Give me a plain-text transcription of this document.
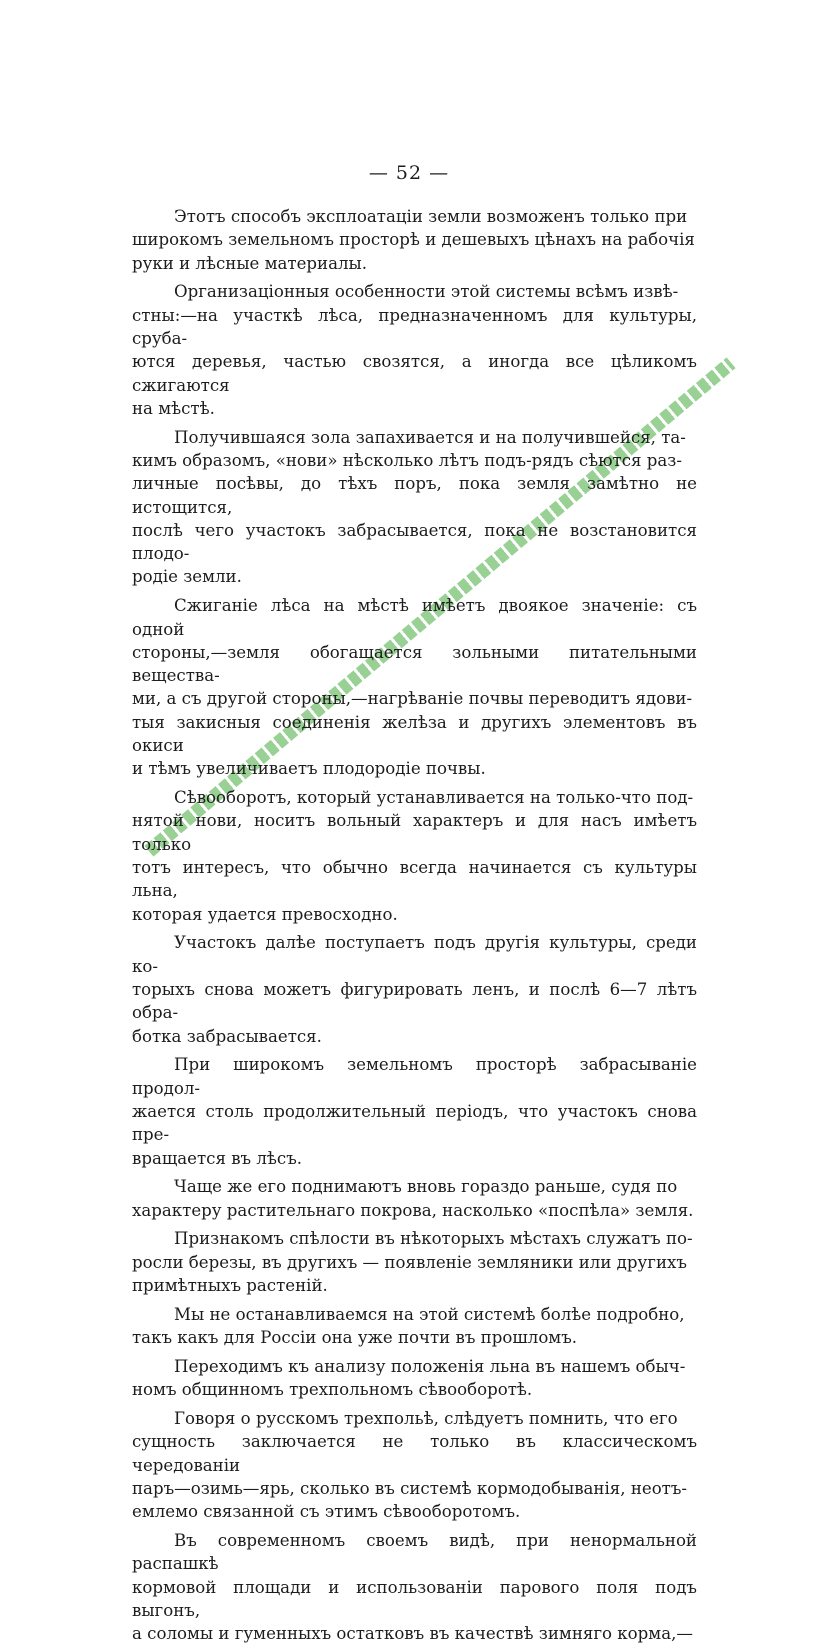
— 52 —

Этотъ способъ эксплоатаціи земли возможенъ только при
широкомъ земельномъ просторѣ и дешевыхъ цѣнахъ на рабочія
руки и лѣсные материалы.

Организаціонныя особенности этой системы всѣмъ извѣ-
стны:—на участкѣ лѣса, предназначенномъ для культуры, сруба-
ются деревья, частью свозятся, а иногда все цѣликомъ сжигаются
на мѣстѣ.

Получившаяся зола запахивается и на получившейся, та-
кимъ образомъ, «нови» нѣсколько лѣтъ подъ-рядъ сѣются раз-
личные посѣвы, до тѣхъ поръ, пока земля замѣтно не истощится,
послѣ чего участокъ забрасывается, пока не возстановится плодо-
родіе земли.

Сжиганіе лѣса на мѣстѣ имѣетъ двоякое значеніе: съ одной
стороны,—земля обогащается зольными питательными вещества-
ми, а съ другой стороны,—нагрѣваніе почвы переводитъ ядови-
тыя закисныя соединенія желѣза и другихъ элементовъ въ окиси
и тѣмъ увеличиваетъ плодородіе почвы.

Сѣвооборотъ, который устанавливается на только-что под-
нятой нови, носитъ вольный характеръ и для насъ имѣетъ только
тотъ интересъ, что обычно всегда начинается съ культуры льна,
которая удается превосходно.

Участокъ далѣе поступаетъ подъ другія культуры, среди ко-
торыхъ снова можетъ фигурировать ленъ, и послѣ 6—7 лѣтъ обра-
ботка забрасывается.

При широкомъ земельномъ просторѣ забрасываніе продол-
жается столь продолжительный періодъ, что участокъ снова пре-
вращается въ лѣсъ.

Чаще же его поднимаютъ вновь гораздо раньше, судя по
характеру растительнаго покрова, насколько «поспѣла» земля.

Признакомъ спѣлости въ нѣкоторыхъ мѣстахъ служатъ по-
росли березы, въ другихъ — появленіе земляники или другихъ
примѣтныхъ растеній.

Мы не останавливаемся на этой системѣ болѣе подробно,
такъ какъ для Россіи она уже почти въ прошломъ.

Переходимъ къ анализу положенія льна въ нашемъ обыч-
номъ общинномъ трехпольномъ сѣвооборотѣ.

Говоря о русскомъ трехпольѣ, слѣдуетъ помнить, что его
сущность заключается не только въ классическомъ чередованіи
паръ—озимь—ярь, сколько въ системѣ кормодобыванія, неотъ-
емлемо связанной съ этимъ сѣвооборотомъ.

Въ современномъ своемъ видѣ, при ненормальной распашкѣ
кормовой площади и использованіи парового поля подъ выгонъ,
а соломы и гуменныхъ остатковъ въ качествѣ зимняго корма,—
